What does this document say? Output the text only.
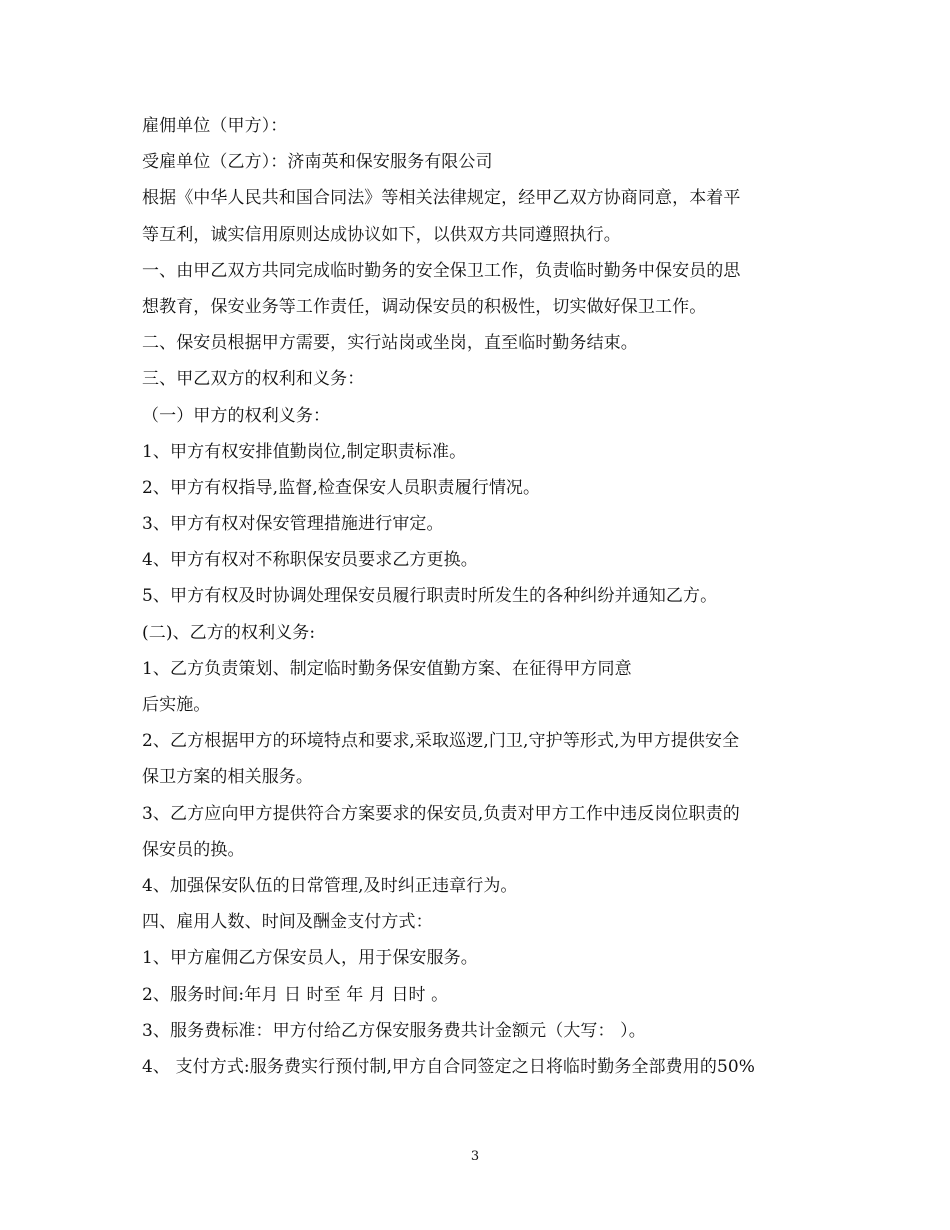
雇佣单位（甲方）：
受雇单位（乙方）：济南英和保安服务有限公司
根据《中华人民共和国合同法》等相关法律规定，经甲乙双方协商同意，本着平
等互利，诚实信用原则达成协议如下，以供双方共同遵照执行。
一、由甲乙双方共同完成临时勤务的安全保卫工作，负责临时勤务中保安员的思
想教育，保安业务等工作责任，调动保安员的积极性，切实做好保卫工作。
二、保安员根据甲方需要，实行站岗或坐岗，直至临时勤务结束。
三、甲乙双方的权利和义务：
（一）甲方的权利义务：
1、甲方有权安排值勤岗位,制定职责标准。
2、甲方有权指导,监督,检查保安人员职责履行情况。
3、甲方有权对保安管理措施进行审定。
4、甲方有权对不称职保安员要求乙方更换。
5、甲方有权及时协调处理保安员履行职责时所发生的各种纠纷并通知乙方。
(二)、乙方的权利义务:
1、乙方负责策划、制定临时勤务保安值勤方案、在征得甲方同意
后实施。
2、乙方根据甲方的环境特点和要求,采取巡逻,门卫,守护等形式,为甲方提供安全
保卫方案的相关服务。
3、乙方应向甲方提供符合方案要求的保安员,负责对甲方工作中违反岗位职责的
保安员的换。
4、加强保安队伍的日常管理,及时纠正违章行为。
四、雇用人数、时间及酬金支付方式：
1、甲方雇佣乙方保安员人，用于保安服务。
2、服务时间:年月 日 时至 年 月 日时 。
3、服务费标准：甲方付给乙方保安服务费共计金额元（大写： ）。
4、 支付方式:服务费实行预付制,甲方自合同签定之日将临时勤务全部费用的50%
3
